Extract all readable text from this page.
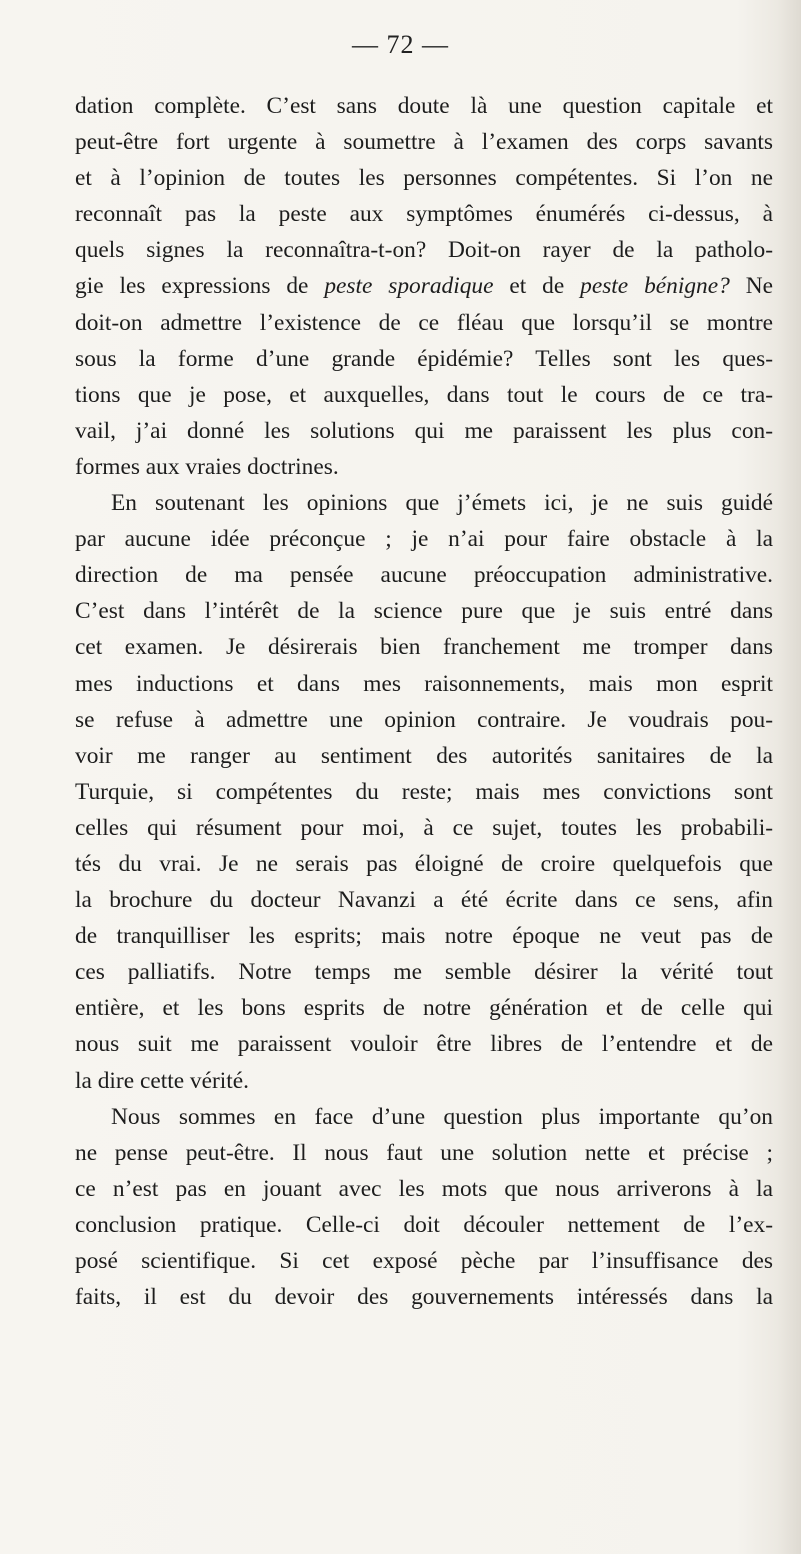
— 72 —
dation complète. C’est sans doute là une question capitale et
peut-être fort urgente à soumettre à l’examen des corps savants
et à l’opinion de toutes les personnes compétentes. Si l’on ne
reconnaît pas la peste aux symptômes énumérés ci-dessus, à
quels signes la reconnaîtra-t-on? Doit-on rayer de la patholo-
gie les expressions de peste sporadique et de peste bénigne? Ne
doit-on admettre l’existence de ce fléau que lorsqu’il se montre
sous la forme d’une grande épidémie? Telles sont les ques-
tions que je pose, et auxquelles, dans tout le cours de ce tra-
vail, j’ai donné les solutions qui me paraissent les plus con-
formes aux vraies doctrines.
En soutenant les opinions que j’émets ici, je ne suis guidé
par aucune idée préconçue ; je n’ai pour faire obstacle à la
direction de ma pensée aucune préoccupation administrative.
C’est dans l’intérêt de la science pure que je suis entré dans
cet examen. Je désirerais bien franchement me tromper dans
mes inductions et dans mes raisonnements, mais mon esprit
se refuse à admettre une opinion contraire. Je voudrais pou-
voir me ranger au sentiment des autorités sanitaires de la
Turquie, si compétentes du reste; mais mes convictions sont
celles qui résument pour moi, à ce sujet, toutes les probabili-
tés du vrai. Je ne serais pas éloigné de croire quelquefois que
la brochure du docteur Navanzi a été écrite dans ce sens, afin
de tranquilliser les esprits; mais notre époque ne veut pas de
ces palliatifs. Notre temps me semble désirer la vérité tout
entière, et les bons esprits de notre génération et de celle qui
nous suit me paraissent vouloir être libres de l’entendre et de
la dire cette vérité.
Nous sommes en face d’une question plus importante qu’on
ne pense peut-être. Il nous faut une solution nette et précise ;
ce n’est pas en jouant avec les mots que nous arriverons à la
conclusion pratique. Celle-ci doit découler nettement de l’ex-
posé scientifique. Si cet exposé pèche par l’insuffisance des
faits, il est du devoir des gouvernements intéressés dans la
